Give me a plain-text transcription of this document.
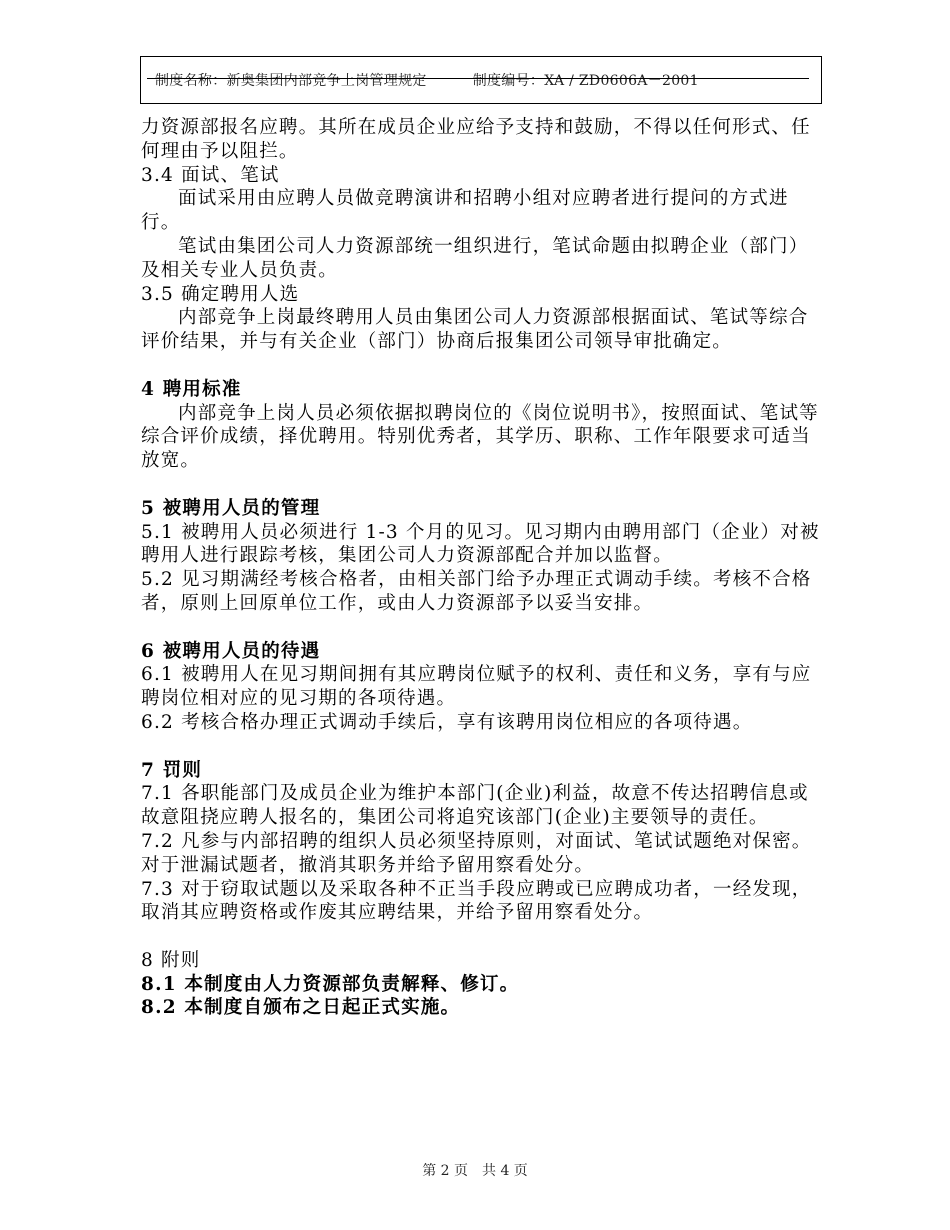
制度名称：新奥集团内部竞争上岗管理规定	制度编号：XA / ZD0606A－2001

力资源部报名应聘。其所在成员企业应给予支持和鼓励，不得以任何形式、任何理由予以阻拦。

3.4 面试、笔试

面试采用由应聘人员做竞聘演讲和招聘小组对应聘者进行提问的方式进行。

笔试由集团公司人力资源部统一组织进行，笔试命题由拟聘企业（部门）及相关专业人员负责。

3.5 确定聘用人选

内部竞争上岗最终聘用人员由集团公司人力资源部根据面试、笔试等综合评价结果，并与有关企业（部门）协商后报集团公司领导审批确定。

4 聘用标准

内部竞争上岗人员必须依据拟聘岗位的《岗位说明书》，按照面试、笔试等综合评价成绩，择优聘用。特别优秀者，其学历、职称、工作年限要求可适当放宽。

5 被聘用人员的管理

5.1 被聘用人员必须进行 1-3 个月的见习。见习期内由聘用部门（企业）对被聘用人进行跟踪考核，集团公司人力资源部配合并加以监督。

5.2 见习期满经考核合格者，由相关部门给予办理正式调动手续。考核不合格者，原则上回原单位工作，或由人力资源部予以妥当安排。

6 被聘用人员的待遇

6.1 被聘用人在见习期间拥有其应聘岗位赋予的权利、责任和义务，享有与应聘岗位相对应的见习期的各项待遇。

6.2 考核合格办理正式调动手续后，享有该聘用岗位相应的各项待遇。

7 罚则

7.1 各职能部门及成员企业为维护本部门(企业)利益，故意不传达招聘信息或故意阻挠应聘人报名的，集团公司将追究该部门(企业)主要领导的责任。

7.2 凡参与内部招聘的组织人员必须坚持原则，对面试、笔试试题绝对保密。对于泄漏试题者，撤消其职务并给予留用察看处分。

7.3 对于窃取试题以及采取各种不正当手段应聘或已应聘成功者，一经发现，取消其应聘资格或作废其应聘结果，并给予留用察看处分。

8 附则

8.1 本制度由人力资源部负责解释、修订。

8.2 本制度自颁布之日起正式实施。

第 2 页　共 4 页
